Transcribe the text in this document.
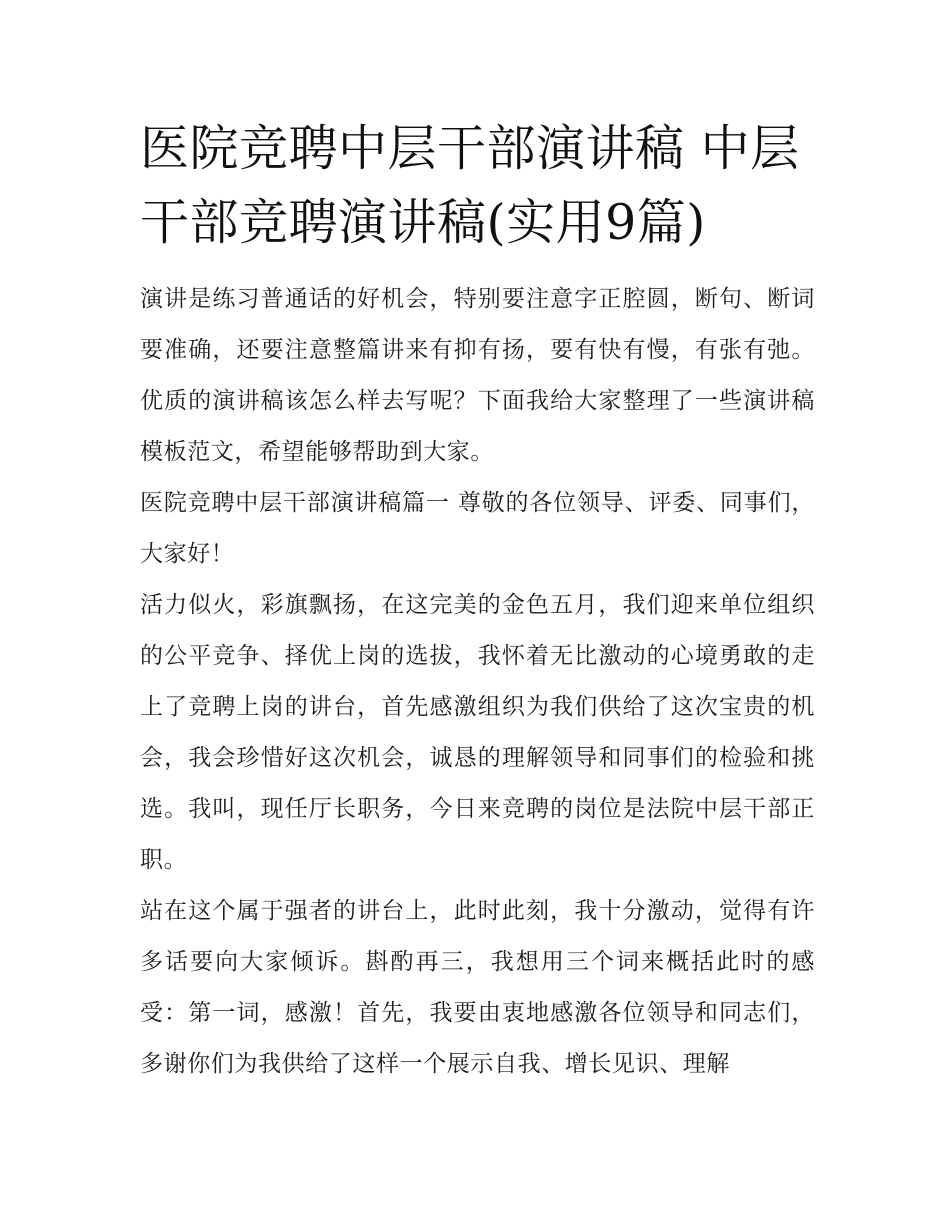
医院竞聘中层干部演讲稿 中层干部竞聘演讲稿(实用9篇)

演讲是练习普通话的好机会，特别要注意字正腔圆，断句、断词要准确，还要注意整篇讲来有抑有扬，要有快有慢，有张有弛。优质的演讲稿该怎么样去写呢？下面我给大家整理了一些演讲稿模板范文，希望能够帮助到大家。

医院竞聘中层干部演讲稿篇一 尊敬的各位领导、评委、同事们，大家好！

活力似火，彩旗飘扬，在这完美的金色五月，我们迎来单位组织的公平竞争、择优上岗的选拔，我怀着无比激动的心境勇敢的走上了竞聘上岗的讲台，首先感激组织为我们供给了这次宝贵的机会，我会珍惜好这次机会，诚恳的理解领导和同事们的检验和挑选。我叫，现任厅长职务，今日来竞聘的岗位是法院中层干部正职。

站在这个属于强者的讲台上，此时此刻，我十分激动，觉得有许多话要向大家倾诉。斟酌再三，我想用三个词来概括此时的感受：第一词，感激！首先，我要由衷地感激各位领导和同志们，多谢你们为我供给了这样一个展示自我、增长见识、理解
